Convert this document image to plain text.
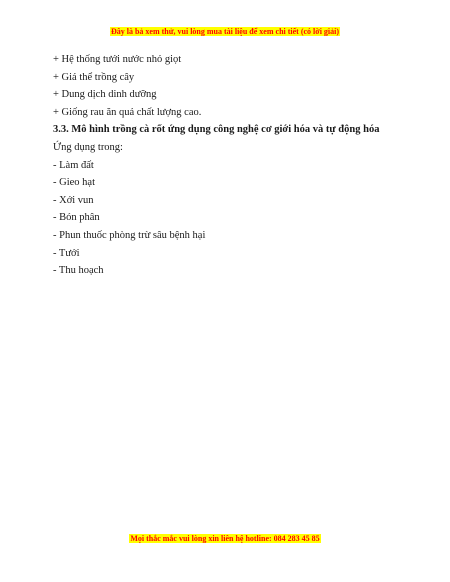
Đây là bả xem thử, vui lòng mua tài liệu để xem chi tiết (có lời giải)
+ Hệ thống tưới nước nhỏ giọt
+ Giá thể trồng cây
+ Dung dịch dinh dưỡng
+ Giống rau ăn quả chất lượng cao.
3.3. Mô hình trồng cà rốt ứng dụng công nghệ cơ giới hóa và tự động hóa
Ứng dụng trong:
- Làm đất
- Gieo hạt
- Xới vun
- Bón phân
- Phun thuốc phòng trừ sâu bệnh hại
- Tưới
- Thu hoạch
Mọi thắc mắc vui lòng xin liên hệ hotline: 084 283 45 85
